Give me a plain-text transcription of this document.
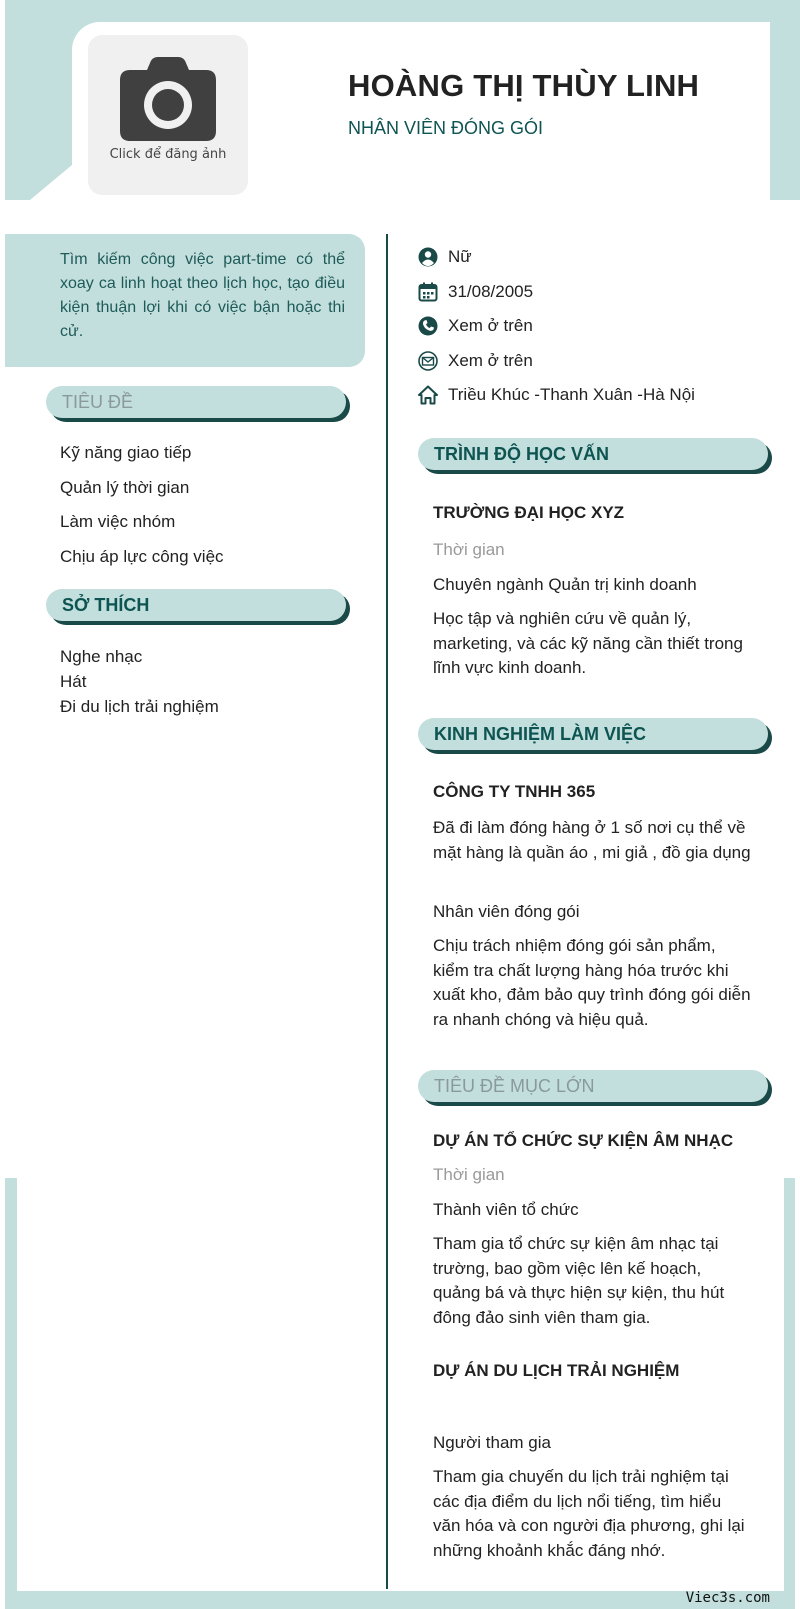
Click để đăng ảnh
HOÀNG THỊ THÙY LINH
NHÂN VIÊN ĐÓNG GÓI

Tìm kiếm công việc part-time có thể xoay ca linh hoạt theo lịch học, tạo điều kiện thuận lợi khi có việc bận hoặc thi cử.

TIÊU ĐỀ
Kỹ năng giao tiếp
Quản lý thời gian
Làm việc nhóm
Chịu áp lực công việc
SỞ THÍCH
Nghe nhạc
Hát
Đi du lịch trải nghiệm
Nữ
31/08/2005
Xem ở trên
Xem ở trên
Triều Khúc -Thanh Xuân -Hà Nội
TRÌNH ĐỘ HỌC VẤN
TRƯỜNG ĐẠI HỌC XYZ
Thời gian
Chuyên ngành Quản trị kinh doanh
Học tập và nghiên cứu về quản lý, marketing, và các kỹ năng cần thiết trong lĩnh vực kinh doanh.
KINH NGHIỆM LÀM VIỆC
CÔNG TY TNHH 365
Đã đi làm đóng hàng ở 1 số nơi cụ thể về mặt hàng là quần áo , mi giả , đồ gia dụng
Nhân viên đóng gói
Chịu trách nhiệm đóng gói sản phẩm, kiểm tra chất lượng hàng hóa trước khi xuất kho, đảm bảo quy trình đóng gói diễn ra nhanh chóng và hiệu quả.
TIÊU ĐỀ MỤC LỚN
DỰ ÁN TỔ CHỨC SỰ KIỆN ÂM NHẠC
Thời gian
Thành viên tổ chức
Tham gia tổ chức sự kiện âm nhạc tại trường, bao gồm việc lên kế hoạch, quảng bá và thực hiện sự kiện, thu hút đông đảo sinh viên tham gia.
DỰ ÁN DU LỊCH TRẢI NGHIỆM
Người tham gia
Tham gia chuyến du lịch trải nghiệm tại các địa điểm du lịch nổi tiếng, tìm hiểu văn hóa và con người địa phương, ghi lại những khoảnh khắc đáng nhớ.
Viec3s.com
